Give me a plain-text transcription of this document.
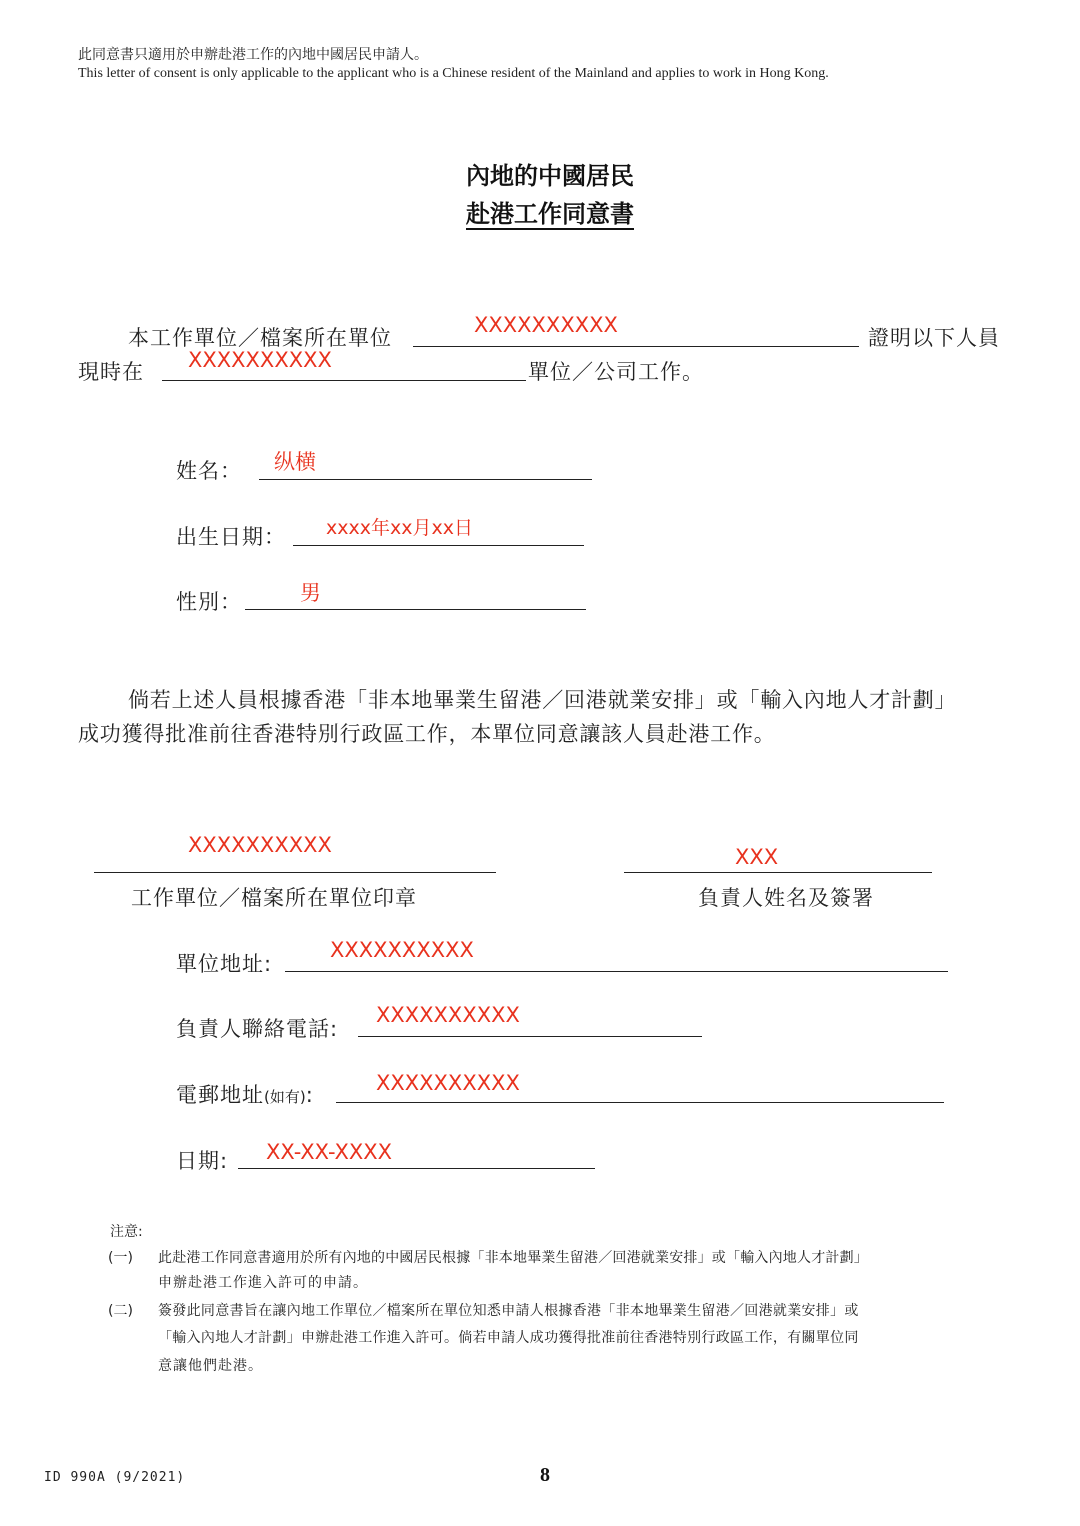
此同意書只適用於申辦赴港工作的內地中國居民申請人。
This letter of consent is only applicable to the applicant who is a Chinese resident of the Mainland and applies to work in Hong Kong.
內地的中國居民
赴港工作同意書
本工作單位／檔案所在單位
XXXXXXXXXX
證明以下人員
現時在 XXXXXXXXXX	單位／公司工作。
姓名： 纵横
出生日期： xxxx年xx月xx日
性別：	男
倘若上述人員根據香港「非本地畢業生留港／回港就業安排」或「輸入內地人才計劃」
成功獲得批准前往香港特別行政區工作，本單位同意讓該人員赴港工作。
XXXXXXXXXX
工作單位／檔案所在單位印章
XXX
負責人姓名及簽署
單位地址:
XXXXXXXXXX
負責人聯絡電話:
XXXXXXXXXX
電郵地址(如有):	XXXXXXXXXX
日期: XX-XX-XXXX
注意:
(一) 此赴港工作同意書適用於所有內地的中國居民根據「非本地畢業生留港／回港就業安排」或「輸入內地人才計劃」
申辦赴港工作進入許可的申請。
(二) 簽發此同意書旨在讓內地工作單位／檔案所在單位知悉申請人根據香港「非本地畢業生留港／回港就業安排」或
「輸入內地人才計劃」申辦赴港工作進入許可。倘若申請人成功獲得批准前往香港特別行政區工作，有關單位同
意讓他們赴港。
ID 990A (9/2021)	8
